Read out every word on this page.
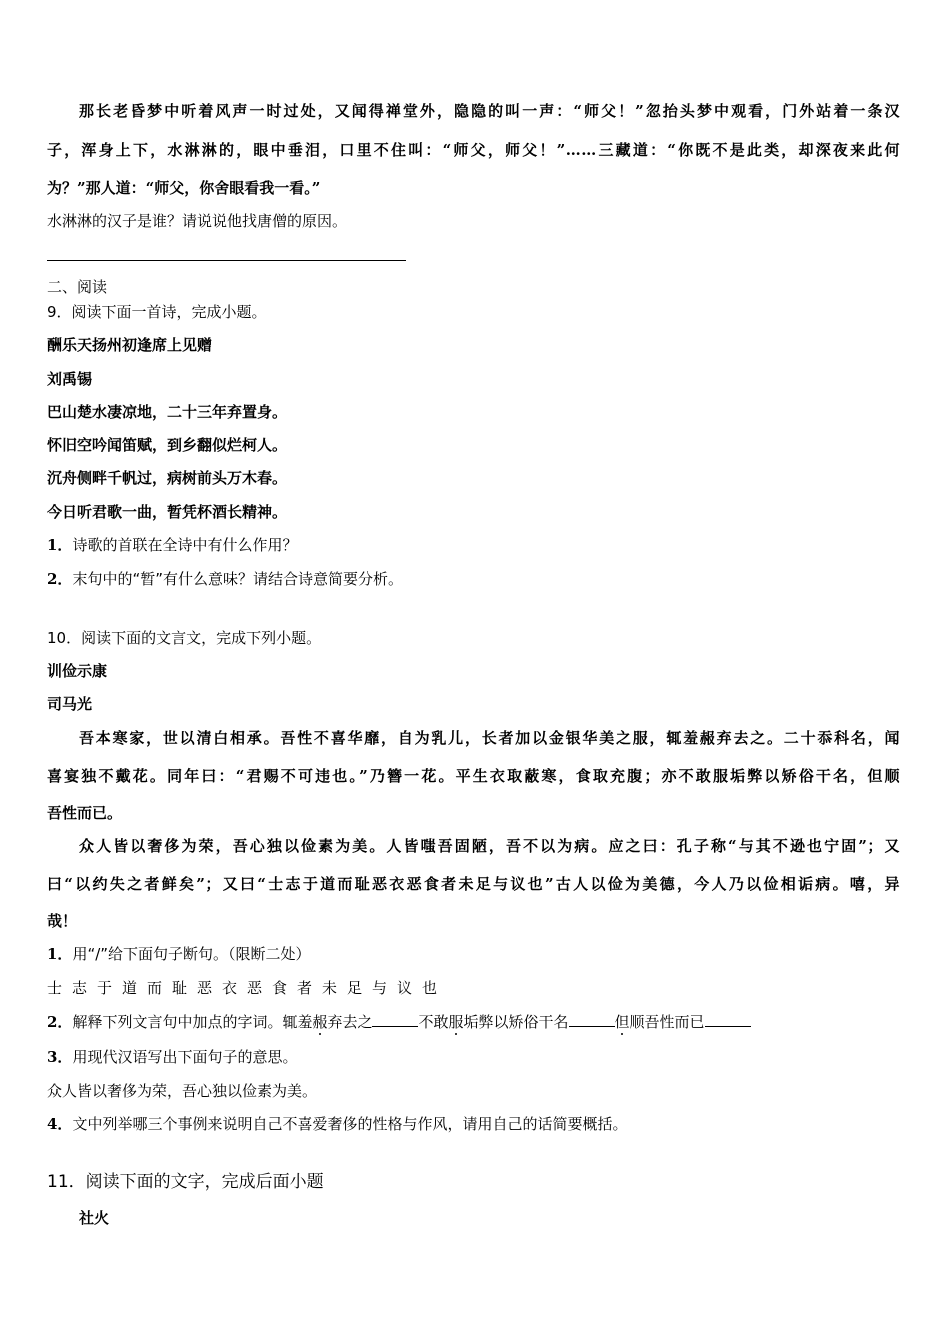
那长老昏梦中听着风声一时过处，又闻得禅堂外，隐隐的叫一声：“师父！”忽抬头梦中观看，门外站着一条汉
子，浑身上下，水淋淋的，眼中垂泪，口里不住叫：“师父，师父！”……三藏道：“你既不是此类，却深夜来此何
为？”那人道：“师父，你舍眼看我一看。”
水淋淋的汉子是谁？请说说他找唐僧的原因。
二、阅读
9．阅读下面一首诗，完成小题。
酬乐天扬州初逢席上见赠
刘禹锡
巴山楚水凄凉地，二十三年弃置身。
怀旧空吟闻笛赋，到乡翻似烂柯人。
沉舟侧畔千帆过，病树前头万木春。
今日听君歌一曲，暂凭杯酒长精神。
1．诗歌的首联在全诗中有什么作用？
2．末句中的“暂”有什么意味？请结合诗意简要分析。
10．阅读下面的文言文，完成下列小题。
训俭示康
司马光
吾本寒家，世以清白相承。吾性不喜华靡，自为乳儿，长者加以金银华美之服，辄羞赧弃去之。二十忝科名，闻
喜宴独不戴花。同年曰：“君赐不可违也。”乃簪一花。平生衣取蔽寒，食取充腹；亦不敢服垢弊以矫俗干名，但顺
吾性而已。
众人皆以奢侈为荣，吾心独以俭素为美。人皆嗤吾固陋，吾不以为病。应之曰：孔子称“与其不逊也宁固”；又
曰“以约失之者鲜矣”；又曰“士志于道而耻恶衣恶食者未足与议也”古人以俭为美德，今人乃以俭相诟病。嘻，异
哉！
1．用“/”给下面句子断句。（限断二处）
士志于道而耻恶衣恶食者未足与议也
2．解释下列文言句中加点的字词。辄羞赧弃去之	不敢服垢弊以矫俗干名	但顺吾性而已
3．用现代汉语写出下面句子的意思。
众人皆以奢侈为荣，吾心独以俭素为美。
4．文中列举哪三个事例来说明自己不喜爱奢侈的性格与作风，请用自己的话简要概括。
11．阅读下面的文字，完成后面小题
社火
